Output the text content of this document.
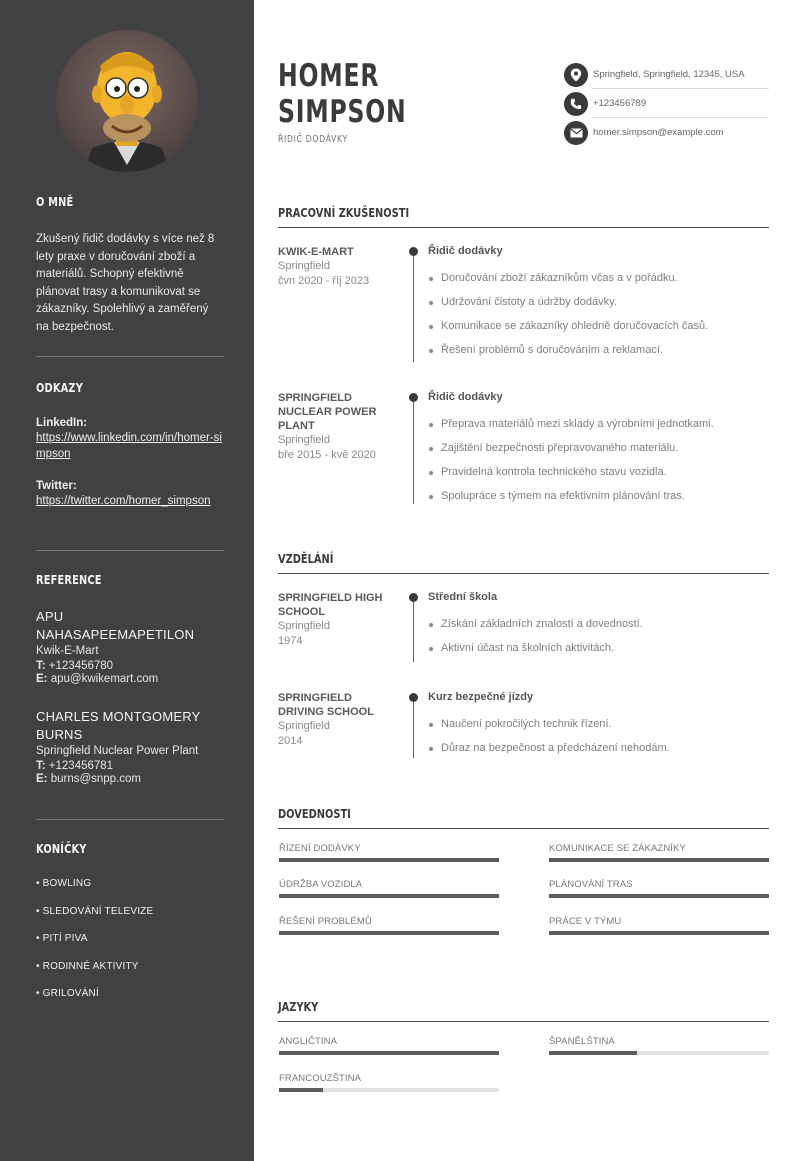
O MNĚ
Zkušený řidič dodávky s více než 8 lety praxe v doručování zboží a materiálů. Schopný efektivně plánovat trasy a komunikovat se zákazníky. Spolehlivý a zaměřený na bezpečnost.
ODKAZY
LinkedIn:
https://www.linkedin.com/in/homer-simpson
Twitter:
https://twitter.com/homer_simpson
REFERENCE
APU NAHASAPEEMAPETILON
Kwik-E-Mart
T: +123456780
E: apu@kwikemart.com
CHARLES MONTGOMERY BURNS
Springfield Nuclear Power Plant
T: +123456781
E: burns@snpp.com
KONÍČKY
• BOWLING
• SLEDOVÁNÍ TELEVIZE
• PITÍ PIVA
• RODINNÉ AKTIVITY
• GRILOVÁNÍ
HOMER
SIMPSON
ŘIDIČ DODÁVKY
Springfield, Springfield, 12345, USA
+123456789
homer.simpson@example.com
PRACOVNÍ ZKUŠENOSTI
KWIK-E-MART
Springfield
čvn 2020 - říj 2023
Řidič dodávky
Doručování zboží zákazníkům včas a v pořádku.
Udržování čistoty a údržby dodávky.
Komunikace se zákazníky ohledně doručovacích časů.
Řešení problémů s doručováním a reklamací.
SPRINGFIELD NUCLEAR POWER PLANT
Springfield
bře 2015 - kvě 2020
Řidič dodávky
Přeprava materiálů mezi sklady a výrobními jednotkami.
Zajištění bezpečnosti přepravovaného materiálu.
Pravidelná kontrola technického stavu vozidla.
Spolupráce s týmem na efektivním plánování tras.
VZDĚLÁNÍ
SPRINGFIELD HIGH SCHOOL
Springfield
1974
Střední škola
Získání základních znalostí a dovedností.
Aktivní účast na školních aktivitách.
SPRINGFIELD DRIVING SCHOOL
Springfield
2014
Kurz bezpečné jízdy
Naučení pokročilých technik řízení.
Důraz na bezpečnost a předcházení nehodám.
DOVEDNOSTI
ŘÍZENÍ DODÁVKY	KOMUNIKACE SE ZÁKAZNÍKY
ÚDRŽBA VOZIDLA	PLÁNOVÁNÍ TRAS
ŘEŠENÍ PROBLÉMŮ	PRÁCE V TÝMU
JAZYKY
ANGLIČTINA	ŠPANĚLŠTINA
FRANCOUZŠTINA
